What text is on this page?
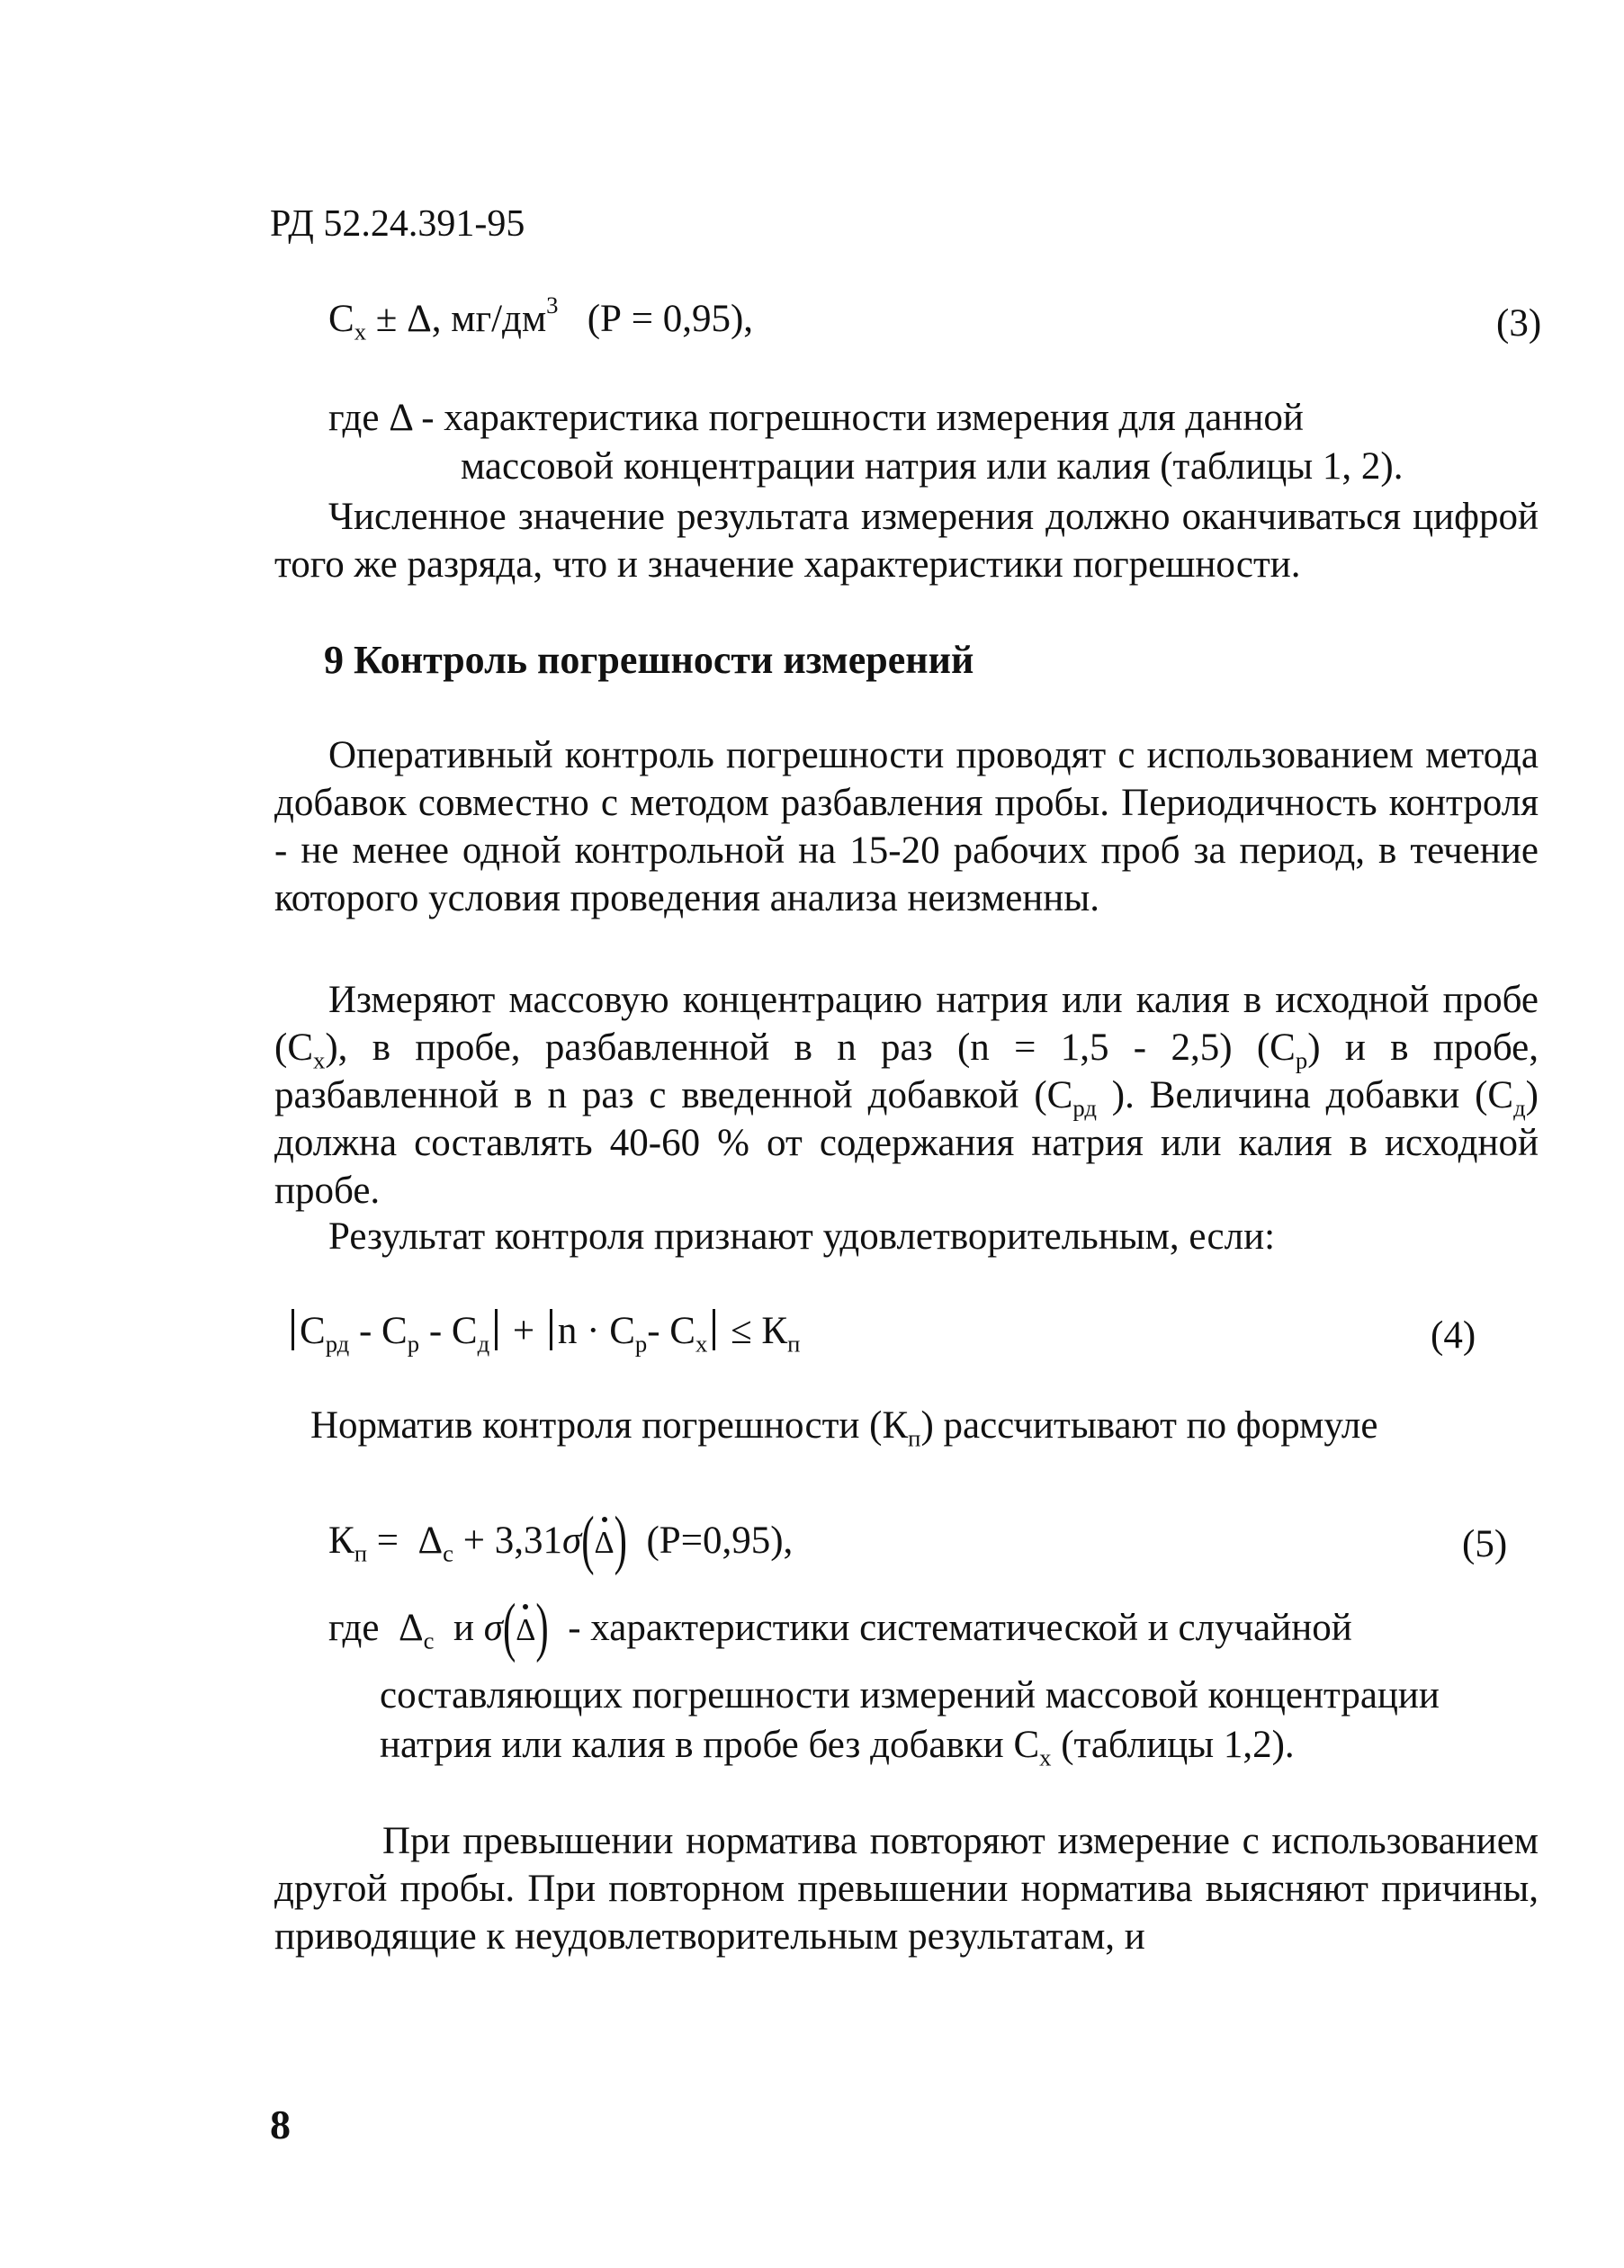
РД 52.24.391-95
$С_х \pm \Delta$, $мг/дм^3$   (Р = 0,95),	(3)
где Δ - характеристика погрешности измерения для данной
массовой концентрации натрия или калия (таблицы 1, 2).
Численное значение результата измерения должно оканчиваться цифрой того же разряда, что и значение характеристики погрешности.
9 Контроль погрешности измерений
Оперативный контроль погрешности проводят с использованием метода добавок совместно с методом разбавления пробы. Периодичность контроля - не менее одной контрольной на 15-20 рабочих проб за период, в течение которого условия проведения анализа неизменны.
Измеряют массовую концентрацию натрия или калия в исходной пробе $(С_х)$, в пробе, разбавленной в n раз (n = 1,5 - 2,5) $(С_р)$ и в пробе, разбавленной в n раз с введенной добавкой ($С_{рд}$ ). Величина добавки $(С_д)$ должна составлять 40-60 % от содержания натрия или калия в исходной пробе.
Результат контроля признают удовлетворительным, если:
$С_{рд} - С_р - С_д + n \cdot С_р-$ $С_х \le К_п$	(4)
Норматив контроля погрешности $(К_п)$ рассчитывают по формуле
$К_п = \Delta_с + 3,31\sigma(\Delta)$ (Р=0,95),	(5)
где  $\Delta_с$ и σ(Δ) - характеристики систематической и случайной
составляющих погрешности измерений массовой концентрации
натрия или калия в пробе без добавки $С_х$ (таблицы 1,2).
При превышении норматива повторяют измерение с использованием другой пробы. При повторном превышении норматива выясняют причины, приводящие к неудовлетворительным результатам, и
8
